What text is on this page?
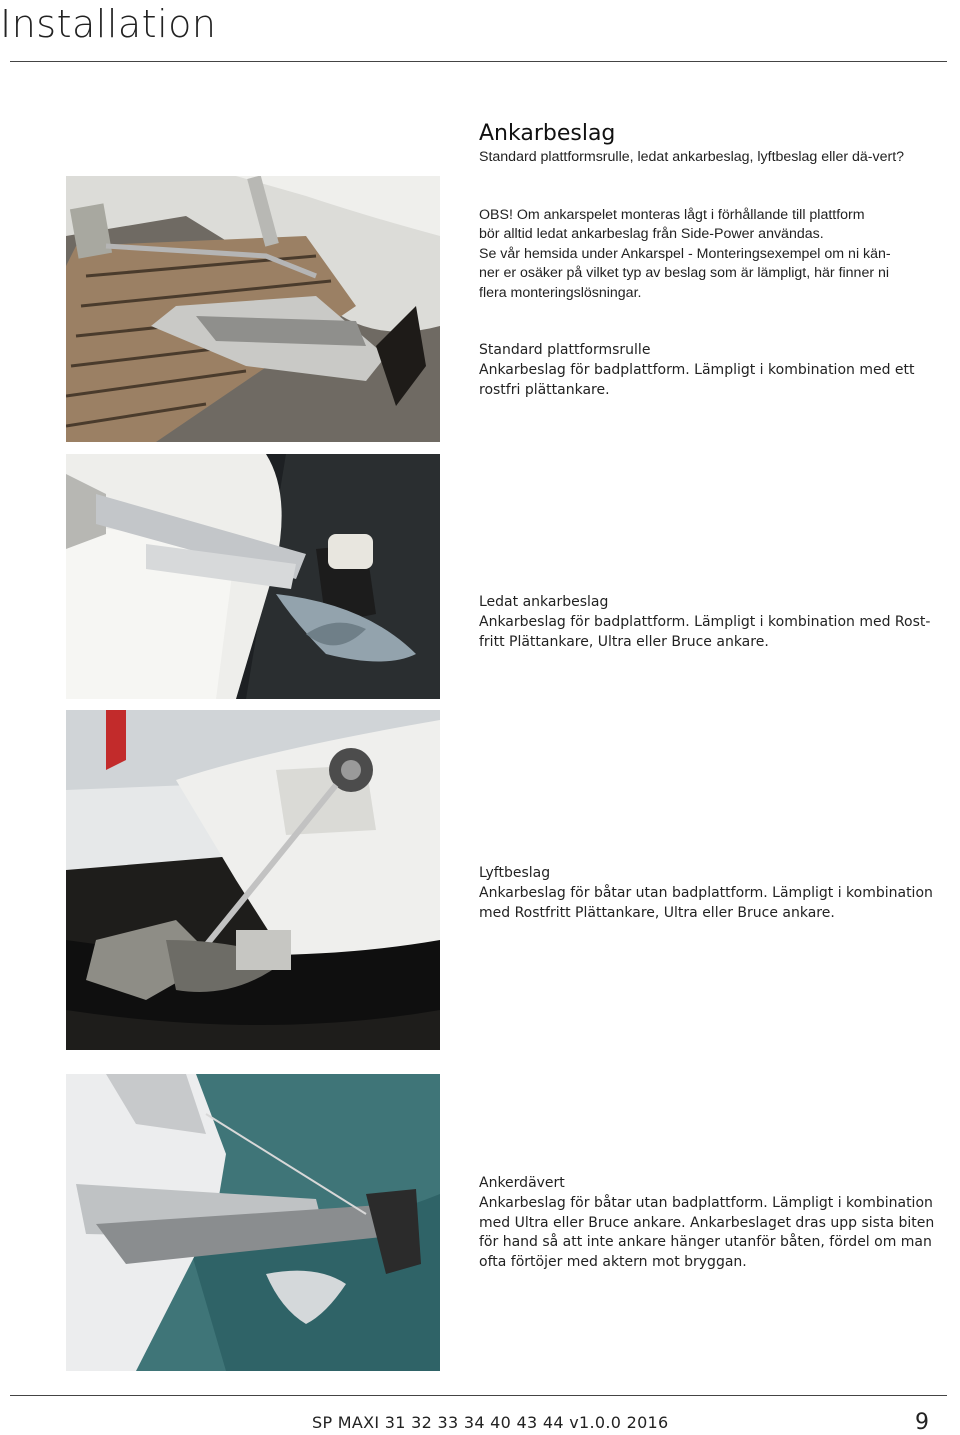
Installation
Ankarbeslag
Standard plattformsrulle, ledat ankarbeslag, lyftbeslag eller dä-vert?
OBS! Om ankarspelet monteras lågt i förhållande till plattform
bör alltid ledat ankarbeslag från Side-Power användas.
Se vår hemsida under Ankarspel - Monteringsexempel om ni kän-
ner er osäker på vilket typ av beslag som är lämpligt, här finner ni
flera monteringslösningar.
Standard plattformsrulle
Ankarbeslag för badplattform. Lämpligt i kombination med ett rostfri plättankare.
Ledat ankarbeslag
Ankarbeslag för badplattform. Lämpligt i kombination med Rost-fritt Plättankare, Ultra eller Bruce ankare.
Lyftbeslag
Ankarbeslag för båtar utan badplattform. Lämpligt i kombination med Rostfritt Plättankare, Ultra eller Bruce ankare.
Ankerdävert
Ankarbeslag för båtar utan badplattform. Lämpligt i kombination med Ultra eller Bruce ankare. Ankarbeslaget dras upp sista biten för hand så att inte ankare hänger utanför båten, fördel om man ofta förtöjer med aktern mot bryggan.
SP MAXI 31 32 33 34 40 43 44 v1.0.0 2016	9
